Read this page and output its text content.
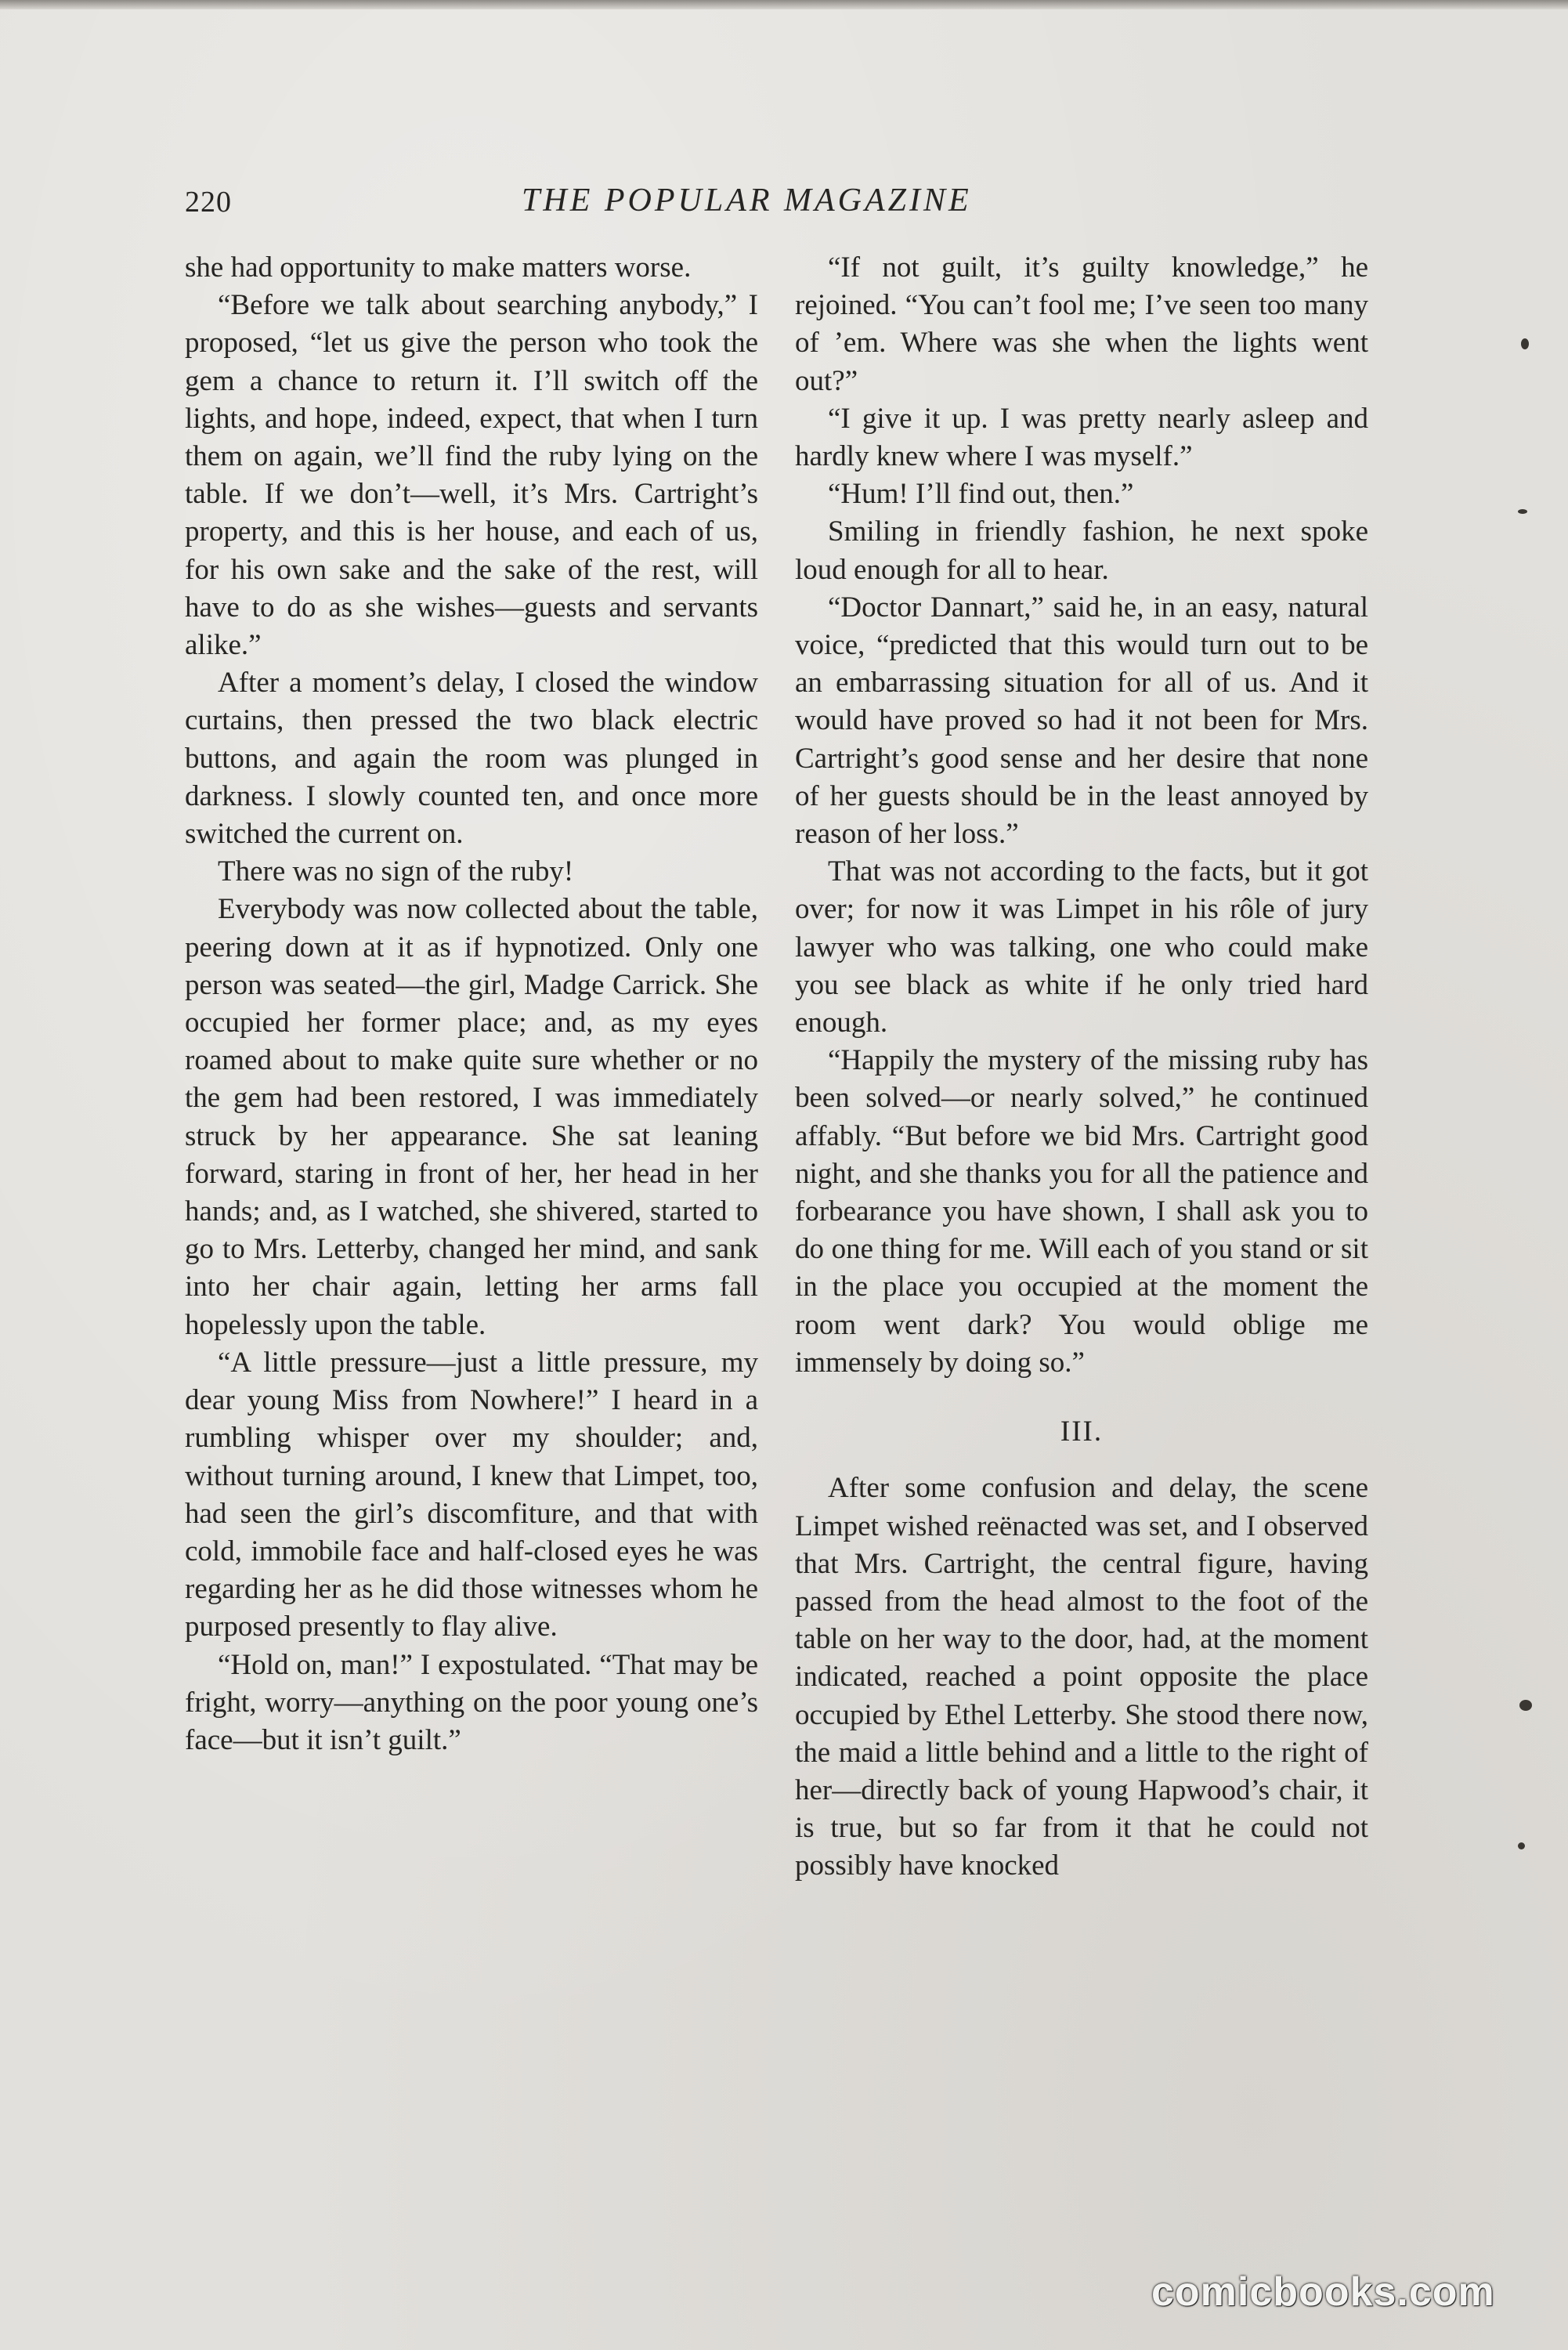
220	THE POPULAR MAGAZINE

she had opportunity to make matters worse.

“Before we talk about searching anybody,” I proposed, “let us give the person who took the gem a chance to return it. I’ll switch off the lights, and hope, indeed, expect, that when I turn them on again, we’ll find the ruby lying on the table. If we don’t—well, it’s Mrs. Cartright’s property, and this is her house, and each of us, for his own sake and the sake of the rest, will have to do as she wishes—guests and servants alike.”

After a moment’s delay, I closed the window curtains, then pressed the two black electric buttons, and again the room was plunged in darkness. I slowly counted ten, and once more switched the current on.

There was no sign of the ruby!

Everybody was now collected about the table, peering down at it as if hypnotized. Only one person was seated—the girl, Madge Carrick. She occupied her former place; and, as my eyes roamed about to make quite sure whether or no the gem had been restored, I was immediately struck by her appearance. She sat leaning forward, staring in front of her, her head in her hands; and, as I watched, she shivered, started to go to Mrs. Letterby, changed her mind, and sank into her chair again, letting her arms fall hopelessly upon the table.

“A little pressure—just a little pressure, my dear young Miss from Nowhere!” I heard in a rumbling whisper over my shoulder; and, without turning around, I knew that Limpet, too, had seen the girl’s discomfiture, and that with cold, immobile face and half-closed eyes he was regarding her as he did those witnesses whom he purposed presently to flay alive.

“Hold on, man!” I expostulated. “That may be fright, worry—anything on the poor young one’s face—but it isn’t guilt.”

“If not guilt, it’s guilty knowledge,” he rejoined. “You can’t fool me; I’ve seen too many of ’em. Where was she when the lights went out?”

“I give it up. I was pretty nearly asleep and hardly knew where I was myself.”

“Hum! I’ll find out, then.”

Smiling in friendly fashion, he next spoke loud enough for all to hear.

“Doctor Dannart,” said he, in an easy, natural voice, “predicted that this would turn out to be an embarrassing situation for all of us. And it would have proved so had it not been for Mrs. Cartright’s good sense and her desire that none of her guests should be in the least annoyed by reason of her loss.”

That was not according to the facts, but it got over; for now it was Limpet in his rôle of jury lawyer who was talking, one who could make you see black as white if he only tried hard enough.

“Happily the mystery of the missing ruby has been solved—or nearly solved,” he continued affably. “But before we bid Mrs. Cartright good night, and she thanks you for all the patience and forbearance you have shown, I shall ask you to do one thing for me. Will each of you stand or sit in the place you occupied at the moment the room went dark? You would oblige me immensely by doing so.”

III.

After some confusion and delay, the scene Limpet wished reënacted was set, and I observed that Mrs. Cartright, the central figure, having passed from the head almost to the foot of the table on her way to the door, had, at the moment indicated, reached a point opposite the place occupied by Ethel Letterby. She stood there now, the maid a little behind and a little to the right of her—directly back of young Hapwood’s chair, it is true, but so far from it that he could not possibly have knocked

comicbooks.com
